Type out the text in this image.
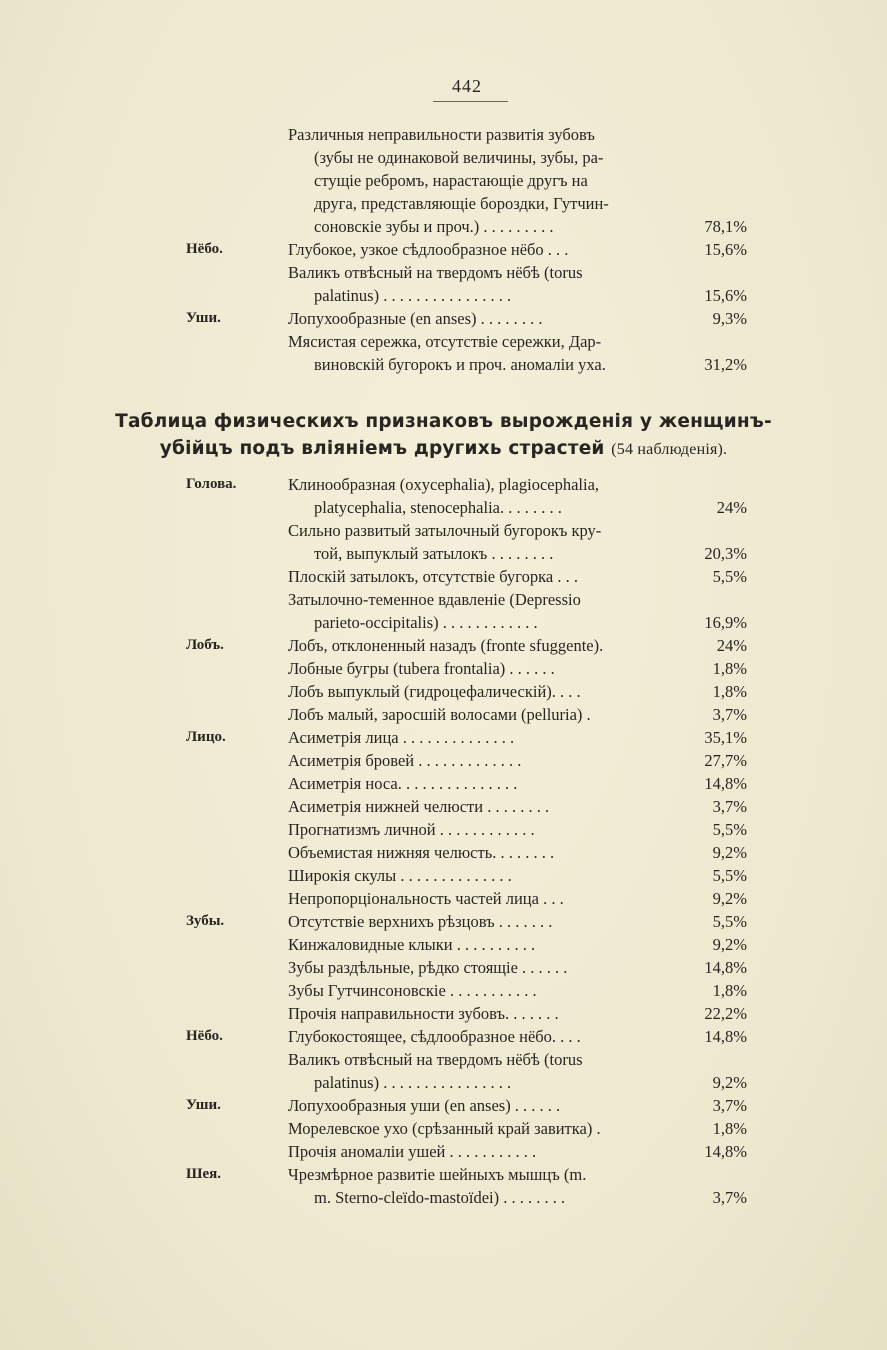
442
Различныя неправильности развитія зубовъ
(зубы не одинаковой величины, зубы, ра-
стущіе ребромъ, нарастающіе другъ на
друга, представляющіе бороздки, Гутчин-
соновскіе зубы и проч.) . . . . . . . . .	78,1%
Нёбо.	Глубокое, узкое сѣдлообразное нёбо . . .	15,6%
Валикъ отвѣсный на твердомъ нёбѣ (torus
palatinus) . . . . . . . . . . . . . . . .	15,6%
Уши.	Лопухообразные (en anses) . . . . . . . .	9,3%
Мясистая сережка, отсутствіе сережки, Дар-
виновскій бугорокъ и проч. аномаліи уха.	31,2%
Таблица физическихъ признаковъ вырожденія у женщинъ-
убійцъ подъ вліяніемъ другихь страстей (54 наблюденія).
Голова.	Клинообразная (oxycephalia), plagiocephalia,
platycephalia, stenocephalia. . . . . . . .	24%
Сильно развитый затылочный бугорокъ кру-
той, выпуклый затылокъ . . . . . . . .	20,3%
Плоскій затылокъ, отсутствіе бугорка . . .	5,5%
Затылочно-теменное вдавленіе (Depressio
parieto-occipitalis) . . . . . . . . . . . .	16,9%
Лобъ.	Лобъ, отклоненный назадъ (fronte sfuggente).	24%
Лобные бугры (tubera frontalia) . . . . . .	1,8%
Лобъ выпуклый (гидроцефалическій). . . .	1,8%
Лобъ малый, заросшій волосами (pelluria) .	3,7%
Лицо.	Асиметрія лица . . . . . . . . . . . . . .	35,1%
Асиметрія бровей . . . . . . . . . . . . .	27,7%
Асиметрія носа. . . . . . . . . . . . . . .	14,8%
Асиметрія нижней челюсти . . . . . . . .	3,7%
Прогнатизмъ личной . . . . . . . . . . . .	5,5%
Объемистая нижняя челюсть. . . . . . . .	9,2%
Широкія скулы . . . . . . . . . . . . . .	5,5%
Непропорціональность частей лица . . .	9,2%
Зубы.	Отсутствіе верхнихъ рѣзцовъ . . . . . . .	5,5%
Кинжаловидные клыки . . . . . . . . . .	9,2%
Зубы раздѣльные, рѣдко стоящіе . . . . . .	14,8%
Зубы Гутчинсоновскіе . . . . . . . . . . .	1,8%
Прочія направильности зубовъ. . . . . . .	22,2%
Нёбо.	Глубокостоящее, сѣдлообразное нёбо. . . .	14,8%
Валикъ отвѣсный на твердомъ нёбѣ (torus
palatinus) . . . . . . . . . . . . . . . .	9,2%
Уши.	Лопухообразныя уши (en anses) . . . . . .	3,7%
Морелевское ухо (срѣзанный край завитка) .	1,8%
Прочія аномаліи ушей . . . . . . . . . . .	14,8%
Шея.	Чрезмѣрное развитіе шейныхъ мышцъ (m.
m. Sterno-cleïdo-mastoïdei) . . . . . . . .	3,7%
